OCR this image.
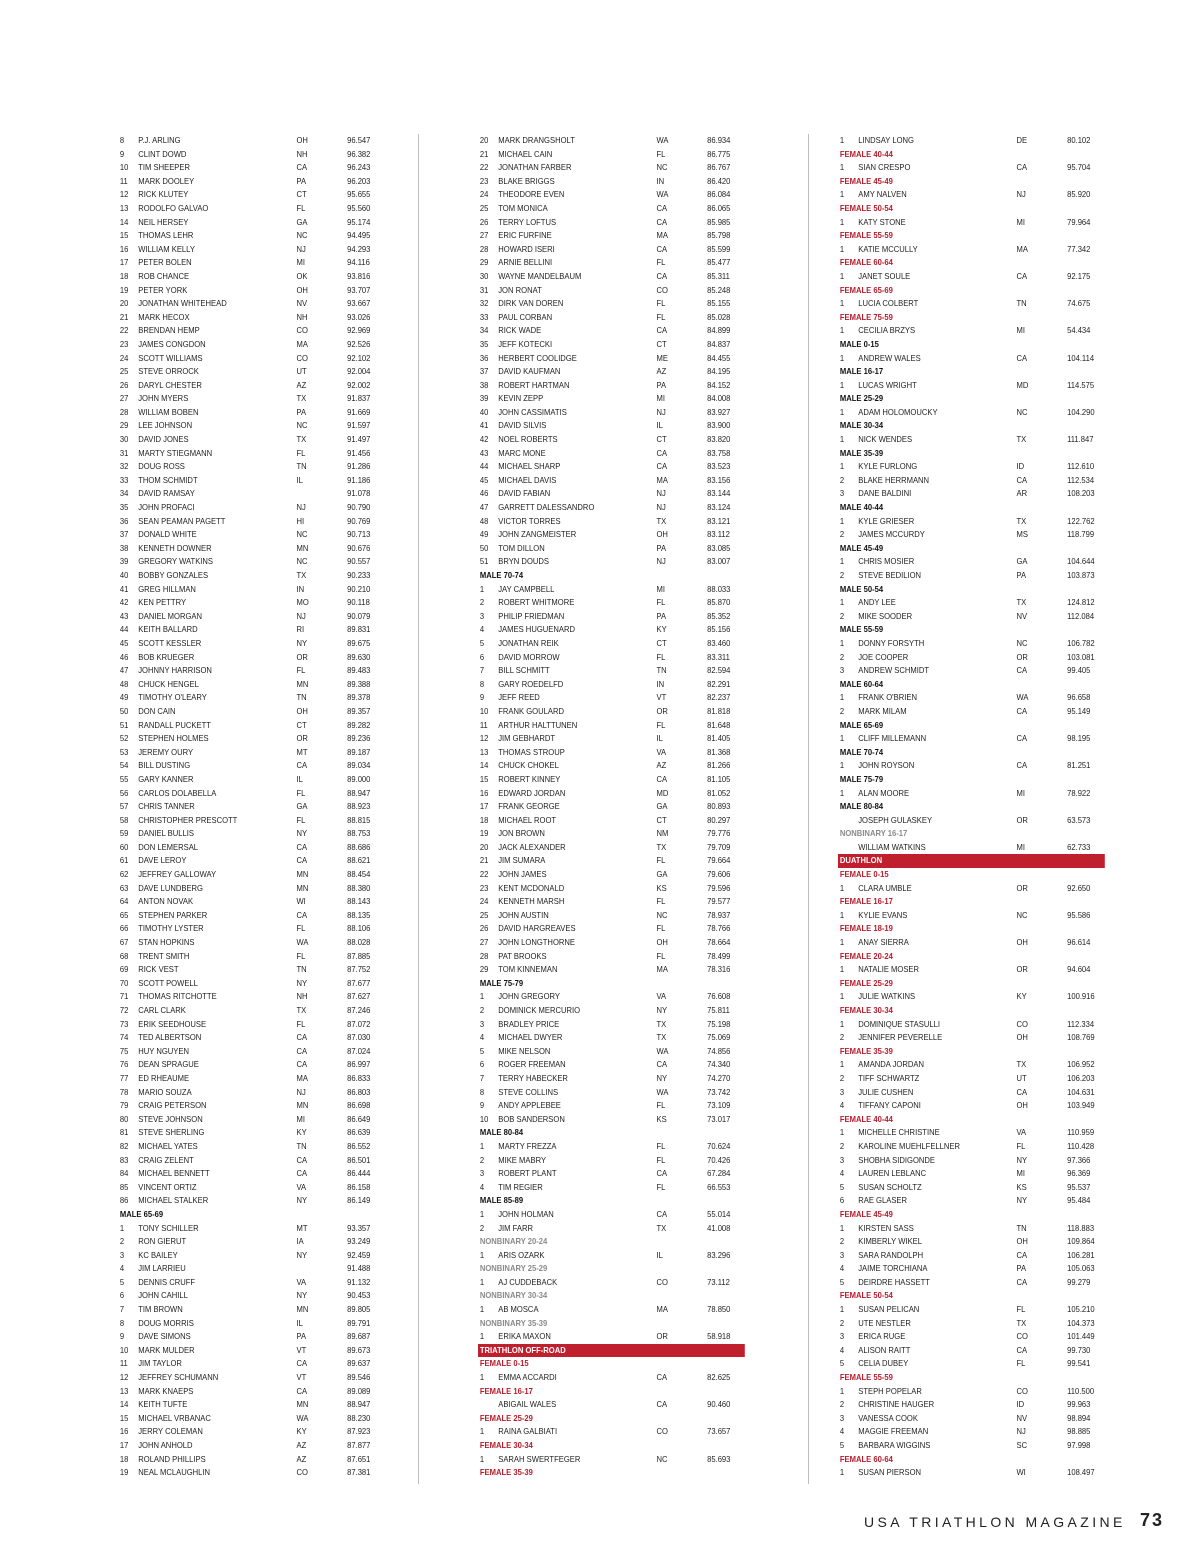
8 P.J. ARLING	OH	96.547
9 CLINT DOWD	NH	96.382
10 TIM SHEEPER	CA	96.243
11 MARK DOOLEY	PA	96.203
12 RICK KLUTEY	CT	95.655
13 RODOLFO GALVAO	FL	95.560
14 NEIL HERSEY	GA	95.174
15 THOMAS LEHR	NC	94.495
16 WILLIAM KELLY	NJ	94.293
17 PETER BOLEN	MI	94.116
18 ROB CHANCE	OK	93.816
19 PETER YORK	OH	93.707
20 JONATHAN WHITEHEAD	NV	93.667
21 MARK HECOX	NH	93.026
22 BRENDAN HEMP	CO	92.969
23 JAMES CONGDON	MA	92.526
24 SCOTT WILLIAMS	CO	92.102
25 STEVE ORROCK	UT	92.004
26 DARYL CHESTER	AZ	92.002
27 JOHN MYERS	TX	91.837
28 WILLIAM BOBEN	PA	91.669
29 LEE JOHNSON	NC	91.597
30 DAVID JONES	TX	91.497
31 MARTY STIEGMANN	FL	91.456
32 DOUG ROSS	TN	91.286
33 THOM SCHMIDT	IL	91.186
34 DAVID RAMSAY	91.078
35 JOHN PROFACI	NJ	90.790
36 SEAN PEAMAN PAGETT	HI	90.769
37 DONALD WHITE	NC	90.713
38 KENNETH DOWNER	MN	90.676
39 GREGORY WATKINS	NC	90.557
40 BOBBY GONZALES	TX	90.233
41 GREG HILLMAN	IN	90.210
42 KEN PETTRY	MO	90.118
43 DANIEL MORGAN	NJ	90.079
44 KEITH BALLARD	RI	89.831
45 SCOTT KESSLER	NY	89.675
46 BOB KRUEGER	OR	89.630
47 JOHNNY HARRISON	FL	89.483
48 CHUCK HENGEL	MN	89.388
49 TIMOTHY O'LEARY	TN	89.378
50 DON CAIN	OH	89.357
51 RANDALL PUCKETT	CT	89.282
52 STEPHEN HOLMES	OR	89.236
53 JEREMY OURY	MT	89.187
54 BILL DUSTING	CA	89.034
55 GARY KANNER	IL	89.000
56 CARLOS DOLABELLA	FL	88.947
57 CHRIS TANNER	GA	88.923
58 CHRISTOPHER PRESCOTT	FL	88.815
59 DANIEL BULLIS	NY	88.753
60 DON LEMERSAL	CA	88.686
61 DAVE LEROY	CA	88.621
62 JEFFREY GALLOWAY	MN	88.454
63 DAVE LUNDBERG	MN	88.380
64 ANTON NOVAK	WI	88.143
65 STEPHEN PARKER	CA	88.135
66 TIMOTHY LYSTER	FL	88.106
67 STAN HOPKINS	WA	88.028
68 TRENT SMITH	FL	87.885
69 RICK VEST	TN	87.752
70 SCOTT POWELL	NY	87.677
71 THOMAS RITCHOTTE	NH	87.627
72 CARL CLARK	TX	87.246
73 ERIK SEEDHOUSE	FL	87.072
74 TED ALBERTSON	CA	87.030
75 HUY NGUYEN	CA	87.024
76 DEAN SPRAGUE	CA	86.997
77 ED RHEAUME	MA	86.833
78 MARIO SOUZA	NJ	86.803
79 CRAIG PETERSON	MN	86.698
80 STEVE JOHNSON	MI	86.649
81 STEVE SHERLING	KY	86.639
82 MICHAEL YATES	TN	86.552
83 CRAIG ZELENT	CA	86.501
84 MICHAEL BENNETT	CA	86.444
85 VINCENT ORTIZ	VA	86.158
86 MICHAEL STALKER	NY	86.149
MALE 65-69
1 TONY SCHILLER	MT	93.357
2 RON GIERUT	IA	93.249
3 KC BAILEY	NY	92.459
4 JIM LARRIEU	91.488
5 DENNIS CRUFF	VA	91.132
6 JOHN CAHILL	NY	90.453
7 TIM BROWN	MN	89.805
8 DOUG MORRIS	IL	89.791
9 DAVE SIMONS	PA	89.687
10 MARK MULDER	VT	89.673
11 JIM TAYLOR	CA	89.637
12 JEFFREY SCHUMANN	VT	89.546
13 MARK KNAEPS	CA	89.089
14 KEITH TUFTE	MN	88.947
15 MICHAEL VRBANAC	WA	88.230
16 JERRY COLEMAN	KY	87.923
17 JOHN ANHOLD	AZ	87.877
18 ROLAND PHILLIPS	AZ	87.651
19 NEAL MCLAUGHLIN	CO	87.381
20 MARK DRANGSHOLT	WA	86.934
21 MICHAEL CAIN	FL	86.775
22 JONATHAN FARBER	NC	86.767
23 BLAKE BRIGGS	IN	86.420
24 THEODORE EVEN	WA	86.084
25 TOM MONICA	CA	86.065
26 TERRY LOFTUS	CA	85.985
27 ERIC FURFINE	MA	85.798
28 HOWARD ISERI	CA	85.599
29 ARNIE BELLINI	FL	85.477
30 WAYNE MANDELBAUM	CA	85.311
31 JON RONAT	CO	85.248
32 DIRK VAN DOREN	FL	85.155
33 PAUL CORBAN	FL	85.028
34 RICK WADE	CA	84.899
35 JEFF KOTECKI	CT	84.837
36 HERBERT COOLIDGE	ME	84.455
37 DAVID KAUFMAN	AZ	84.195
38 ROBERT HARTMAN	PA	84.152
39 KEVIN ZEPP	MI	84.008
40 JOHN CASSIMATIS	NJ	83.927
41 DAVID SILVIS	IL	83.900
42 NOEL ROBERTS	CT	83.820
43 MARC MONE	CA	83.758
44 MICHAEL SHARP	CA	83.523
45 MICHAEL DAVIS	MA	83.156
46 DAVID FABIAN	NJ	83.144
47 GARRETT DALESSANDRO	NJ	83.124
48 VICTOR TORRES	TX	83.121
49 JOHN ZANGMEISTER	OH	83.112
50 TOM DILLON	PA	83.085
51 BRYN DOUDS	NJ	83.007
MALE 70-74
1 JAY CAMPBELL	MI	88.033
2 ROBERT WHITMORE	FL	85.870
3 PHILIP FRIEDMAN	PA	85.352
4 JAMES HUGUENARD	KY	85.156
5 JONATHAN REIK	CT	83.460
6 DAVID MORROW	FL	83.311
7 BILL SCHMITT	TN	82.594
8 GARY ROEDELFD	IN	82.291
9 JEFF REED	VT	82.237
10 FRANK GOULARD	OR	81.818
11 ARTHUR HALTTUNEN	FL	81.648
12 JIM GEBHARDT	IL	81.405
13 THOMAS STROUP	VA	81.368
14 CHUCK CHOKEL	AZ	81.266
15 ROBERT KINNEY	CA	81.105
16 EDWARD JORDAN	MD	81.052
17 FRANK GEORGE	GA	80.893
18 MICHAEL ROOT	CT	80.297
19 JON BROWN	NM	79.776
20 JACK ALEXANDER	TX	79.709
21 JIM SUMARA	FL	79.664
22 JOHN JAMES	GA	79.606
23 KENT MCDONALD	KS	79.596
24 KENNETH MARSH	FL	79.577
25 JOHN AUSTIN	NC	78.937
26 DAVID HARGREAVES	FL	78.766
27 JOHN LONGTHORNE	OH	78.664
28 PAT BROOKS	FL	78.499
29 TOM KINNEMAN	MA	78.316
MALE 75-79
1 JOHN GREGORY	VA	76.608
2 DOMINICK MERCURIO	NY	75.811
3 BRADLEY PRICE	TX	75.198
4 MICHAEL DWYER	TX	75.069
5 MIKE NELSON	WA	74.856
6 ROGER FREEMAN	CA	74.340
7 TERRY HABECKER	NY	74.270
8 STEVE COLLINS	WA	73.742
9 ANDY APPLEBEE	FL	73.109
10 BOB SANDERSON	KS	73.017
MALE 80-84
1 MARTY FREZZA	FL	70.624
2 MIKE MABRY	FL	70.426
3 ROBERT PLANT	CA	67.284
4 TIM REGIER	FL	66.553
MALE 85-89
1 JOHN HOLMAN	CA	55.014
2 JIM FARR	TX	41.008
NONBINARY 20-24
1 ARIS OZARK	IL	83.296
NONBINARY 25-29
1 AJ CUDDEBACK	CO	73.112
NONBINARY 30-34
1 AB MOSCA	MA	78.850
NONBINARY 35-39
1 ERIKA MAXON	OR	58.918
TRIATHLON OFF-ROAD
FEMALE 0-15
1 EMMA ACCARDI	CA	82.625
FEMALE 16-17
ABIGAIL WALES	CA	90.460
FEMALE 25-29
1 RAINA GALBIATI	CO	73.657
FEMALE 30-34
1 SARAH SWERTFEGER	NC	85.693
FEMALE 35-39
1 LINDSAY LONG	DE	80.102
FEMALE 40-44
1 SIAN CRESPO	CA	95.704
FEMALE 45-49
1 AMY NALVEN	NJ	85.920
FEMALE 50-54
1 KATY STONE	MI	79.964
FEMALE 55-59
1 KATIE MCCULLY	MA	77.342
FEMALE 60-64
1 JANET SOULE	CA	92.175
FEMALE 65-69
1 LUCIA COLBERT	TN	74.675
FEMALE 75-59
1 CECILIA BRZYS	MI	54.434
MALE 0-15
1 ANDREW WALES	CA	104.114
MALE 16-17
1 LUCAS WRIGHT	MD	114.575
MALE 25-29
1 ADAM HOLOMOUCKY	NC	104.290
MALE 30-34
1 NICK WENDES	TX	111.847
MALE 35-39
1 KYLE FURLONG	ID	112.610
2 BLAKE HERRMANN	CA	112.534
3 DANE BALDINI	AR	108.203
MALE 40-44
1 KYLE GRIESER	TX	122.762
2 JAMES MCCURDY	MS	118.799
MALE 45-49
1 CHRIS MOSIER	GA	104.644
2 STEVE BEDILION	PA	103.873
MALE 50-54
1 ANDY LEE	TX	124.812
2 MIKE SOODER	NV	112.084
MALE 55-59
1 DONNY FORSYTH	NC	106.782
2 JOE COOPER	OR	103.081
3 ANDREW SCHMIDT	CA	99.405
MALE 60-64
1 FRANK O'BRIEN	WA	96.658
2 MARK MILAM	CA	95.149
MALE 65-69
1 CLIFF MILLEMANN	CA	98.195
MALE 70-74
1 JOHN ROYSON	CA	81.251
MALE 75-79
1 ALAN MOORE	MI	78.922
MALE 80-84
JOSEPH GULASKEY	OR	63.573
NONBINARY 16-17
WILLIAM WATKINS	MI	62.733
DUATHLON
FEMALE 0-15
1 CLARA UMBLE	OR	92.650
FEMALE 16-17
1 KYLIE EVANS	NC	95.586
FEMALE 18-19
1 ANAY SIERRA	OH	96.614
FEMALE 20-24
1 NATALIE MOSER	OR	94.604
FEMALE 25-29
1 JULIE WATKINS	KY	100.916
FEMALE 30-34
1 DOMINIQUE STASULLI	CO	112.334
2 JENNIFER PEVERELLE	OH	108.769
FEMALE 35-39
1 AMANDA JORDAN	TX	106.952
2 TIFF SCHWARTZ	UT	106.203
3 JULIE CUSHEN	CA	104.631
4 TIFFANY CAPONI	OH	103.949
FEMALE 40-44
1 MICHELLE CHRISTINE	VA	110.959
2 KAROLINE MUEHLFELLNER	FL	110.428
3 SHOBHA SIDIGONDE	NY	97.366
4 LAUREN LEBLANC	MI	96.369
5 SUSAN SCHOLTZ	KS	95.537
6 RAE GLASER	NY	95.484
FEMALE 45-49
1 KIRSTEN SASS	TN	118.883
2 KIMBERLY WIKEL	OH	109.864
3 SARA RANDOLPH	CA	106.281
4 JAIME TORCHIANA	PA	105.063
5 DEIRDRE HASSETT	CA	99.279
FEMALE 50-54
1 SUSAN PELICAN	FL	105.210
2 UTE NESTLER	TX	104.373
3 ERICA RUGE	CO	101.449
4 ALISON RAITT	CA	99.730
5 CELIA DUBEY	FL	99.541
FEMALE 55-59
1 STEPH POPELAR	CO	110.500
2 CHRISTINE HAUGER	ID	99.963
3 VANESSA COOK	NV	98.894
4 MAGGIE FREEMAN	NJ	98.885
5 BARBARA WIGGINS	SC	97.998
FEMALE 60-64
1 SUSAN PIERSON	WI	108.497
USA TRIATHLON MAGAZINE 73
